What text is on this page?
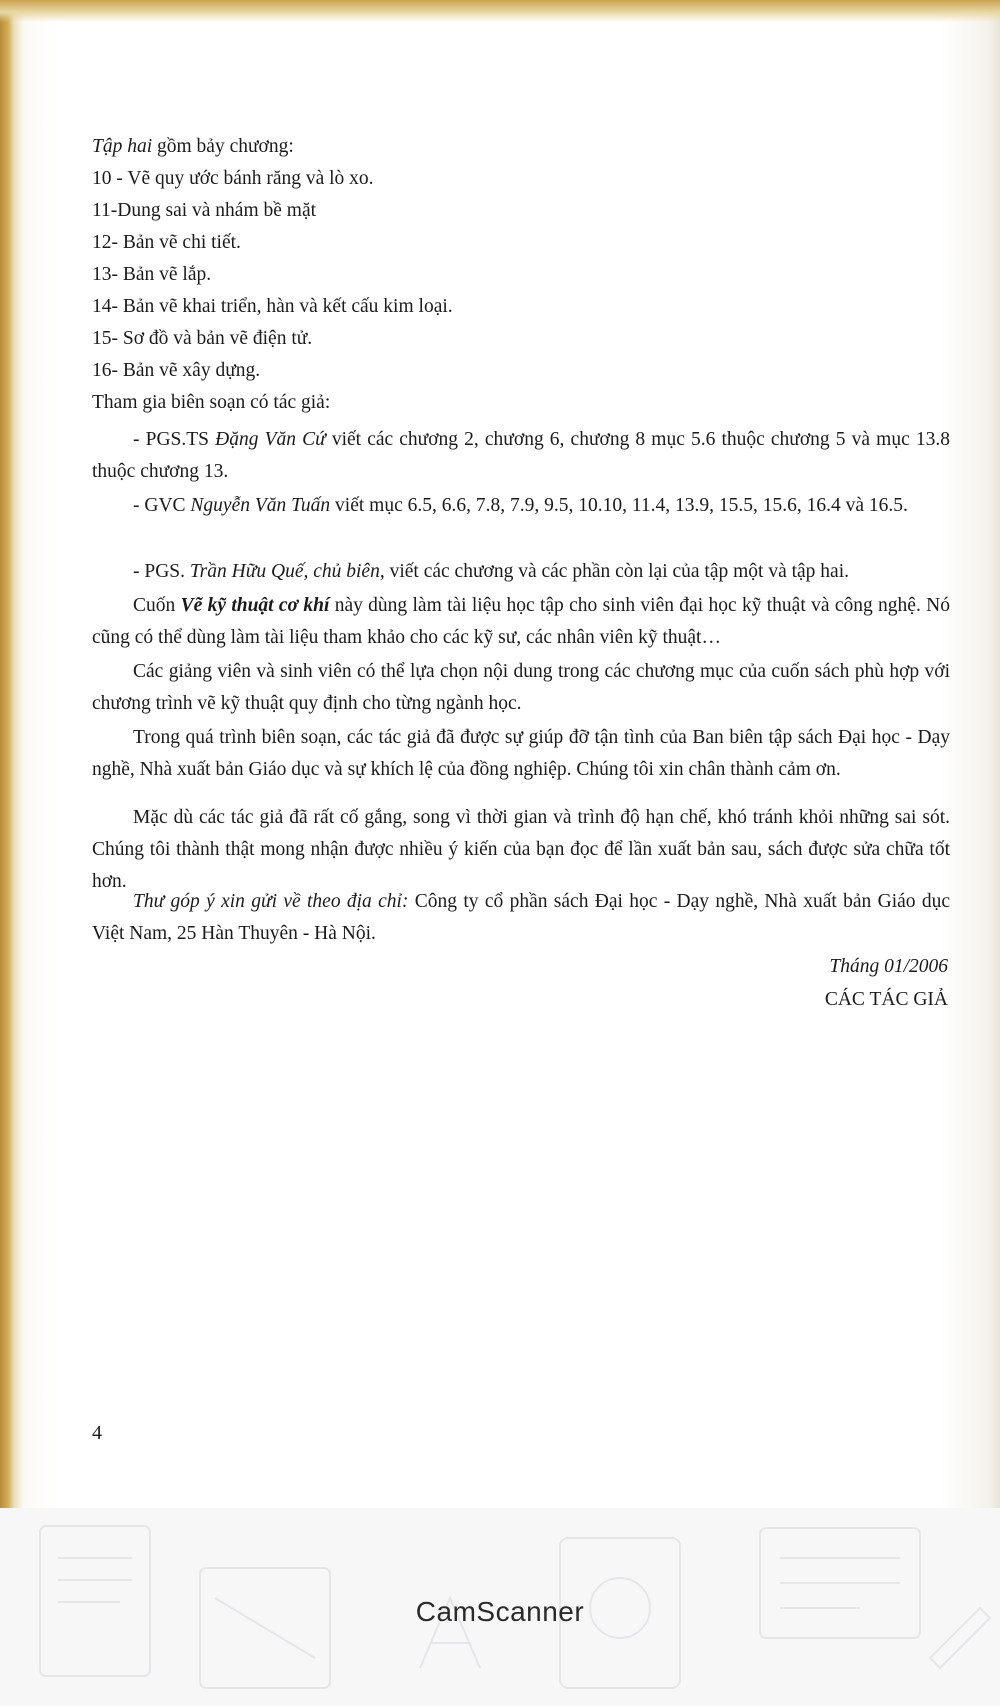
Tập hai gồm bảy chương:
10 - Vẽ quy ước bánh răng và lò xo.
11-Dung sai và nhám bề mặt
12- Bản vẽ chi tiết.
13- Bản vẽ lắp.
14- Bản vẽ khai triển, hàn và kết cấu kim loại.
15- Sơ đồ và bản vẽ điện tử.
16- Bản vẽ xây dựng.
Tham gia biên soạn có tác giả:
- PGS.TS Đặng Văn Cứ viết các chương 2, chương 6, chương 8 mục 5.6 thuộc chương 5 và mục 13.8 thuộc chương 13.
- GVC Nguyễn Văn Tuấn viết mục 6.5, 6.6, 7.8, 7.9, 9.5, 10.10, 11.4, 13.9, 15.5, 15.6, 16.4 và 16.5.
- PGS. Trần Hữu Quế, chủ biên, viết các chương và các phần còn lại của tập một và tập hai.
Cuốn Vẽ kỹ thuật cơ khí này dùng làm tài liệu học tập cho sinh viên đại học kỹ thuật và công nghệ. Nó cũng có thể dùng làm tài liệu tham khảo cho các kỹ sư, các nhân viên kỹ thuật…
Các giảng viên và sinh viên có thể lựa chọn nội dung trong các chương mục của cuốn sách phù hợp với chương trình vẽ kỹ thuật quy định cho từng ngành học.
Trong quá trình biên soạn, các tác giả đã được sự giúp đỡ tận tình của Ban biên tập sách Đại học - Dạy nghề, Nhà xuất bản Giáo dục và sự khích lệ của đồng nghiệp. Chúng tôi xin chân thành cảm ơn.
Mặc dù các tác giả đã rất cố gắng, song vì thời gian và trình độ hạn chế, khó tránh khỏi những sai sót. Chúng tôi thành thật mong nhận được nhiều ý kiến của bạn đọc để lần xuất bản sau, sách được sửa chữa tốt hơn.
Thư góp ý xin gửi về theo địa chỉ: Công ty cổ phần sách Đại học - Dạy nghề, Nhà xuất bản Giáo dục Việt Nam, 25 Hàn Thuyên - Hà Nội.
Tháng 01/2006
CÁC TÁC GIẢ
4
CamScanner
